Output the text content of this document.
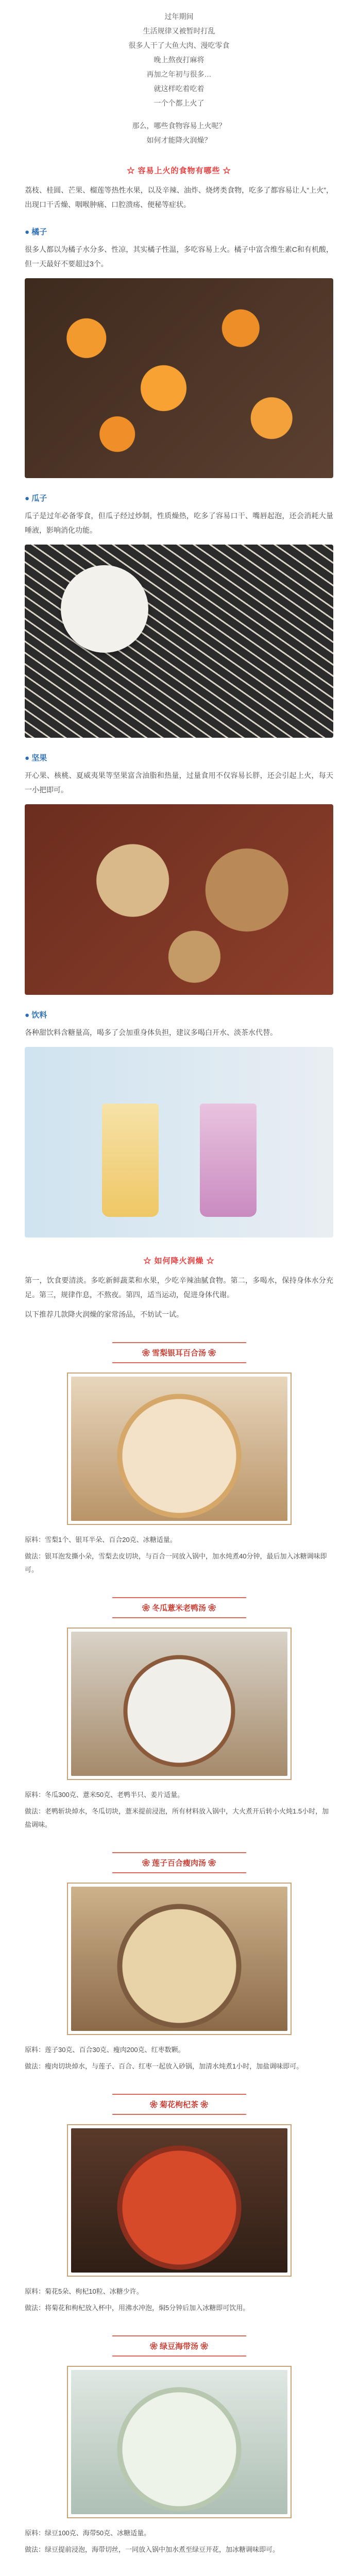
过年期间
生活规律又被暂时打乱
很多人干了大鱼大肉、漫吃零食
晚上熬夜打麻将
再加之年初与很多…
就这样吃着吃着
一个个都上火了
那么，哪些食物容易上火呢？
如何才能降火润燥？
☆ 容易上火的食物有哪些 ☆

荔枝、桂圆、芒果、榴莲等热性水果，以及辛辣、油炸、烧烤类食物，吃多了都容易让人“上火”，出现口干舌燥、咽喉肿痛、口腔溃疡、便秘等症状。

● 橘子

很多人都以为橘子水分多、性凉，其实橘子性温，多吃容易上火。橘子中富含维生素C和有机酸，但一天最好不要超过3个。

● 瓜子

瓜子是过年必备零食，但瓜子经过炒制，性质燥热，吃多了容易口干、嘴唇起泡，还会消耗大量唾液，影响消化功能。

● 坚果

开心果、核桃、夏威夷果等坚果富含油脂和热量，过量食用不仅容易长胖，还会引起上火，每天一小把即可。

● 饮料

各种甜饮料含糖量高，喝多了会加重身体负担，建议多喝白开水、淡茶水代替。

☆ 如何降火润燥 ☆

第一，饮食要清淡。多吃新鲜蔬菜和水果，少吃辛辣油腻食物。第二，多喝水，保持身体水分充足。第三，规律作息，不熬夜。第四，适当运动，促进身体代谢。

以下推荐几款降火润燥的家常汤品，不妨试一试。

❀ 雪梨银耳百合汤 ❀

原料：雪梨1个、银耳半朵、百合20克、冰糖适量。

做法：银耳泡发撕小朵，雪梨去皮切块，与百合一同放入锅中，加水炖煮40分钟，最后加入冰糖调味即可。

❀ 冬瓜薏米老鸭汤 ❀

原料：冬瓜300克、薏米50克、老鸭半只、姜片适量。

做法：老鸭斩块焯水，冬瓜切块，薏米提前浸泡，所有材料放入锅中，大火煮开后转小火炖1.5小时，加盐调味。

❀ 莲子百合瘦肉汤 ❀

原料：莲子30克、百合30克、瘦肉200克、红枣数颗。

做法：瘦肉切块焯水，与莲子、百合、红枣一起放入砂锅，加清水炖煮1小时，加盐调味即可。

❀ 菊花枸杞茶 ❀

原料：菊花5朵、枸杞10粒、冰糖少许。

做法：将菊花和枸杞放入杯中，用沸水冲泡，焖5分钟后加入冰糖即可饮用。

❀ 绿豆海带汤 ❀

原料：绿豆100克、海带50克、冰糖适量。

做法：绿豆提前浸泡，海带切丝，一同放入锅中加水煮至绿豆开花，加冰糖调味即可。
